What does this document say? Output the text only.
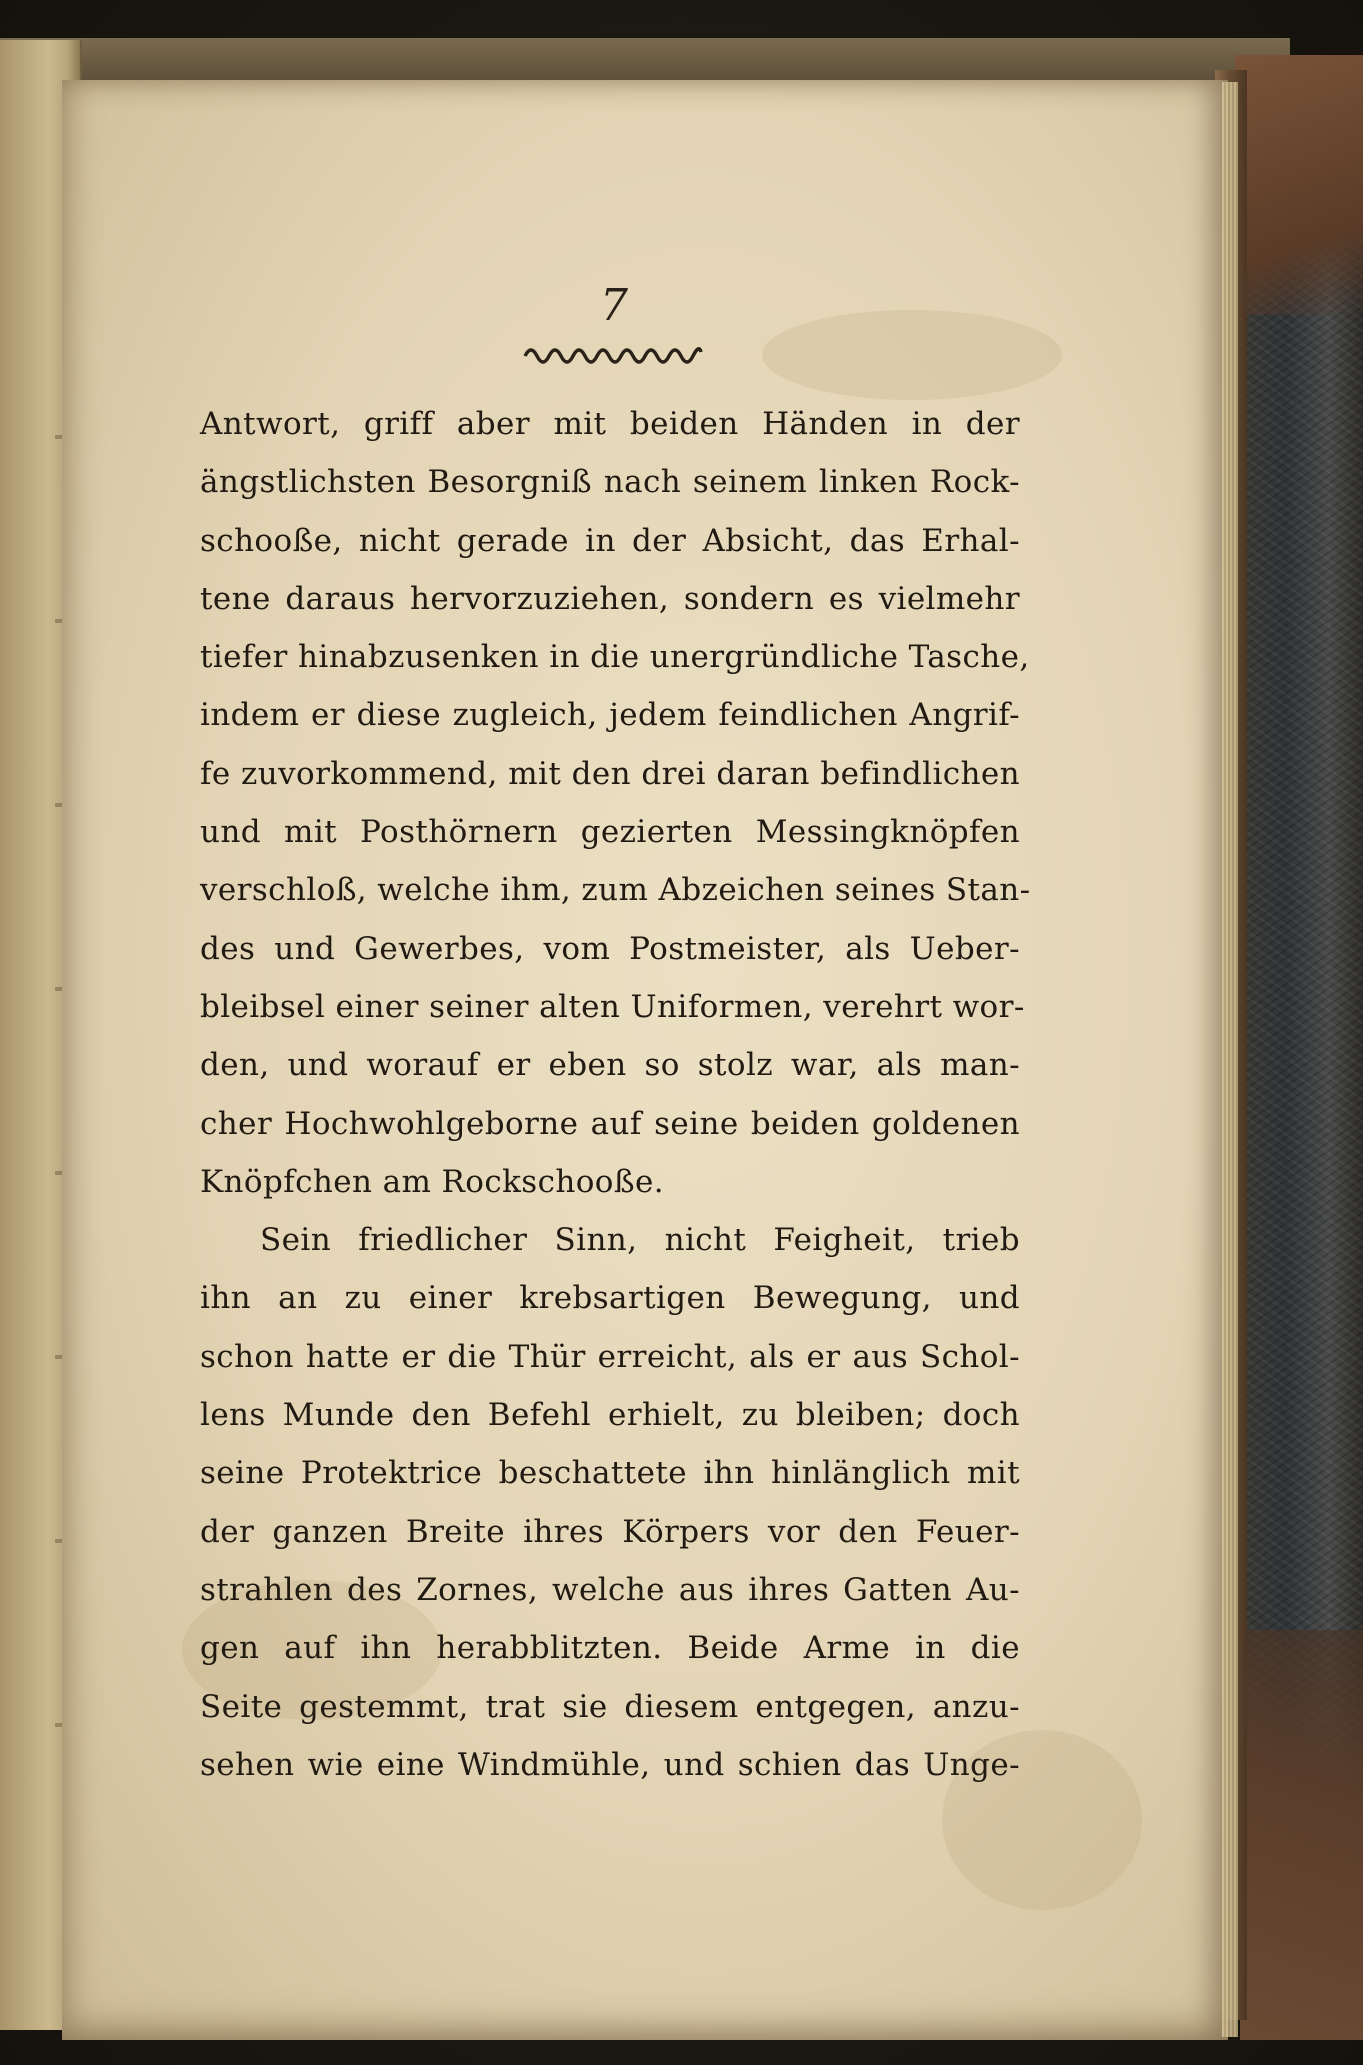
7
Antwort, griff aber mit beiden Händen in der
ängstlichsten Besorgniß nach seinem linken Rock-
schooße, nicht gerade in der Absicht, das Erhal-
tene daraus hervorzuziehen, sondern es vielmehr
tiefer hinabzusenken in die unergründliche Tasche,
indem er diese zugleich, jedem feindlichen Angrif-
fe zuvorkommend, mit den drei daran befindlichen
und mit Posthörnern gezierten Messingknöpfen
verschloß, welche ihm, zum Abzeichen seines Stan-
des und Gewerbes, vom Postmeister, als Ueber-
bleibsel einer seiner alten Uniformen, verehrt wor-
den, und worauf er eben so stolz war, als man-
cher Hochwohlgeborne auf seine beiden goldenen
Knöpfchen am Rockschooße.
Sein friedlicher Sinn, nicht Feigheit, trieb
ihn an zu einer krebsartigen Bewegung, und
schon hatte er die Thür erreicht, als er aus Schol-
lens Munde den Befehl erhielt, zu bleiben; doch
seine Protektrice beschattete ihn hinlänglich mit
der ganzen Breite ihres Körpers vor den Feuer-
strahlen des Zornes, welche aus ihres Gatten Au-
gen auf ihn herabblitzten. Beide Arme in die
Seite gestemmt, trat sie diesem entgegen, anzu-
sehen wie eine Windmühle, und schien das Unge-
